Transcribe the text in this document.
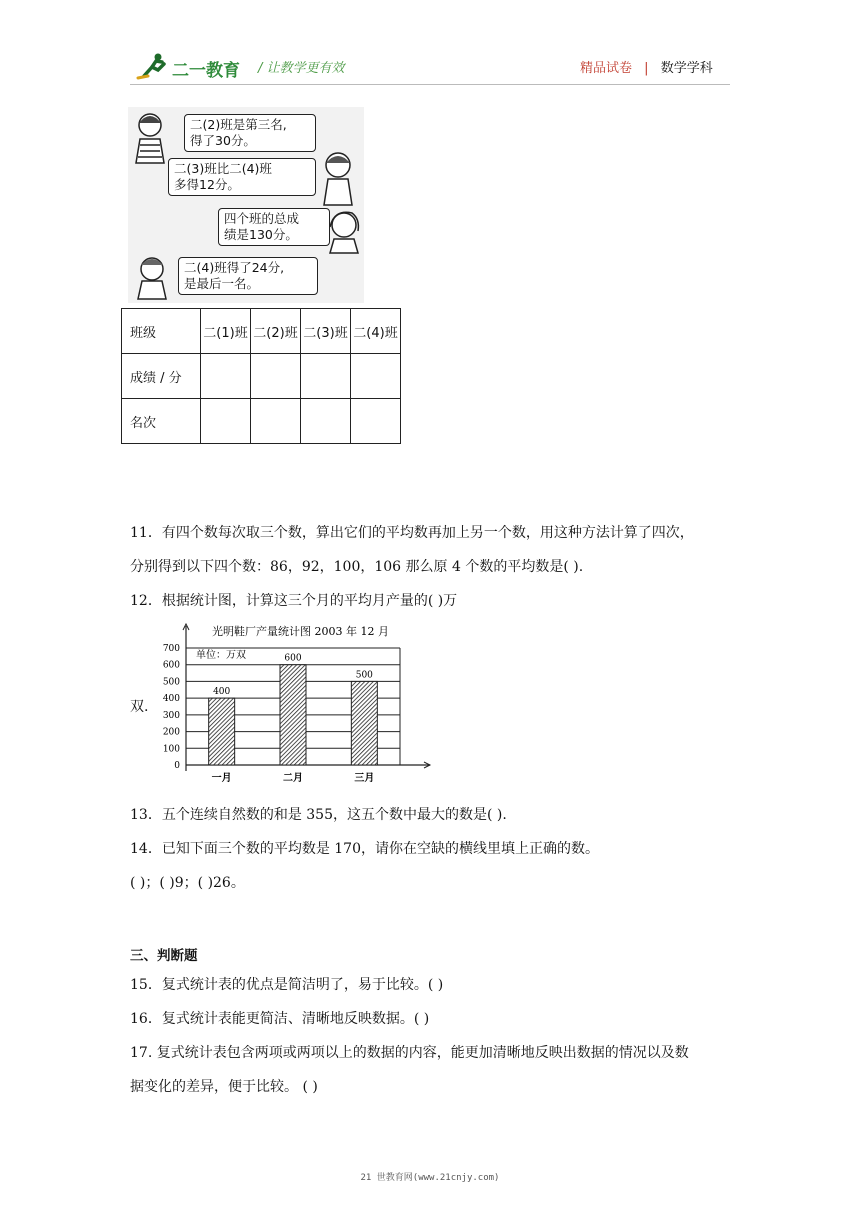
二一教育 / 让教学更有效	精品试卷 | 数学学科
二(2)班是第三名,
得了30分。
二(3)班比二(4)班
多得12分。
四个班的总成
绩是130分。
二(4)班得了24分,
是最后一名。
班级	二(1)班	二(2)班	二(3)班	二(4)班
成绩 / 分				
名次				
11．有四个数每次取三个数，算出它们的平均数再加上另一个数，用这种方法计算了四次，
分别得到以下四个数：86，92，100，106 那么原 4 个数的平均数是( ).
12．根据统计图，计算这三个月的平均月产量的( )万
双.
光明鞋厂产量统计图 2003 年 12 月
单位：万双
400
600
500
0
100
200
300
400
500
600
700
一月	二月	三月
13．五个连续自然数的和是 355，这五个数中最大的数是( ).
14．已知下面三个数的平均数是 170，请你在空缺的横线里填上正确的数。
( )；( )9；( )26。
三、判断题
15．复式统计表的优点是简洁明了，易于比较。( )
16．复式统计表能更简洁、清晰地反映数据。( )
17. 复式统计表包含两项或两项以上的数据的内容，能更加清晰地反映出数据的情况以及数
据变化的差异，便于比较。 ( )
21 世教育网(www.21cnjy.com)
